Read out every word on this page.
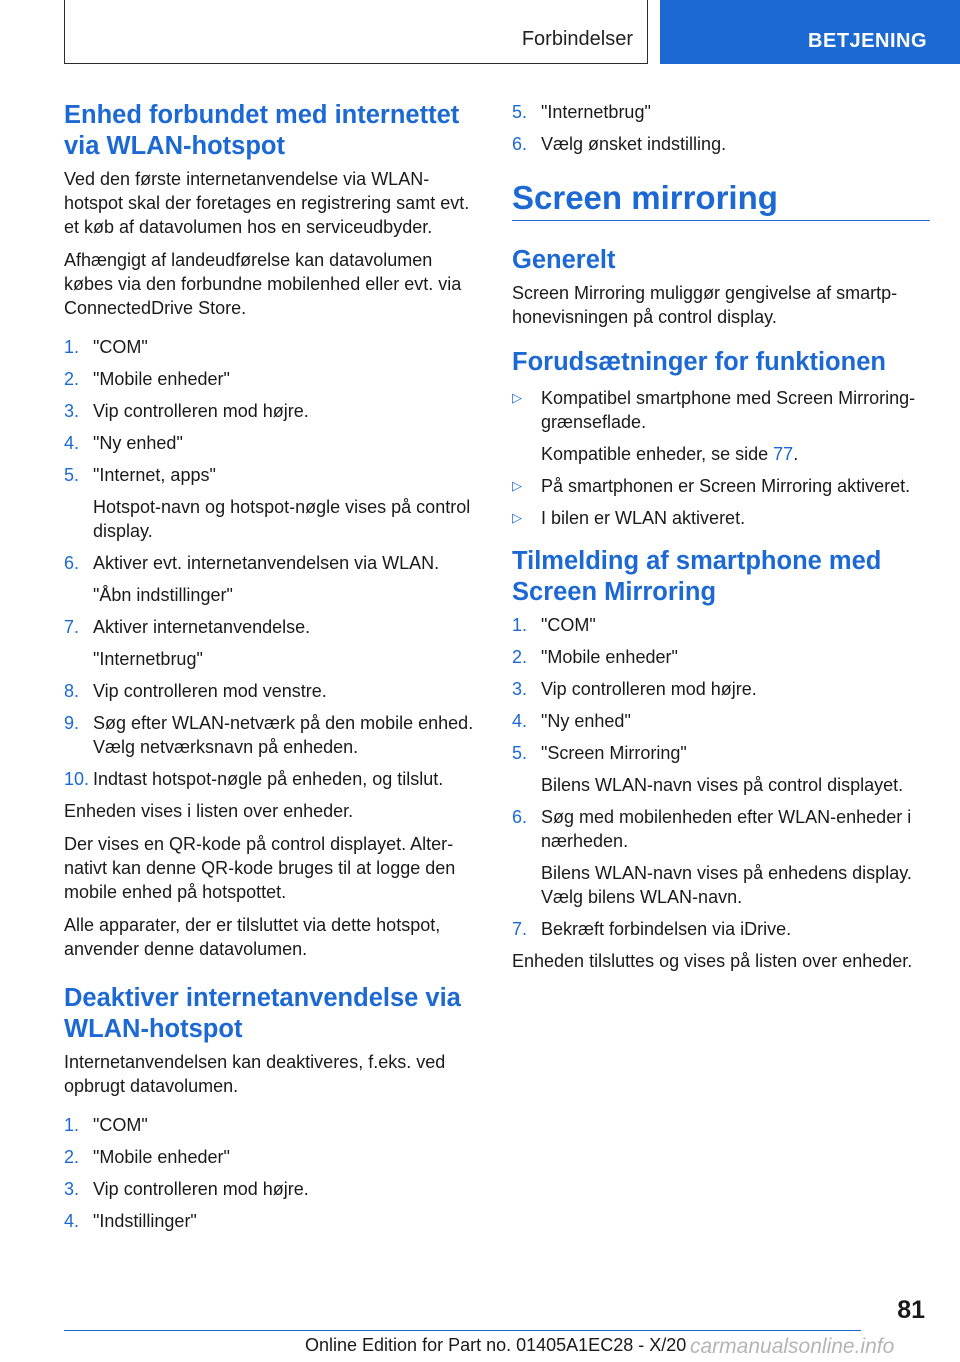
Forbindelser	BETJENING
Enhed forbundet med internettet via WLAN-hotspot

Ved den første internetanvendelse via WLAN-hotspot skal der foretages en registrering samt evt. et køb af datavolumen hos en serviceudbyder.

Afhængigt af landeudførelse kan datavolumen købes via den forbundne mobilenhed eller evt. via ConnectedDrive Store.

1. "COM"
2. "Mobile enheder"
3. Vip controlleren mod højre.
4. "Ny enhed"
5. "Internet, apps"
Hotspot-navn og hotspot-nøgle vises på control display.
6. Aktiver evt. internetanvendelsen via WLAN.
"Åbn indstillinger"
7. Aktiver internetanvendelse.
"Internetbrug"
8. Vip controlleren mod venstre.
9. Søg efter WLAN-netværk på den mobile enhed. Vælg netværksnavn på enheden.
10. Indtast hotspot-nøgle på enheden, og tilslut.

Enheden vises i listen over enheder.

Der vises en QR-kode på control displayet. Alternativt kan denne QR-kode bruges til at logge den mobile enhed på hotspottet.

Alle apparater, der er tilsluttet via dette hotspot, anvender denne datavolumen.

Deaktiver internetanvendelse via WLAN-hotspot

Internetanvendelsen kan deaktiveres, f.eks. ved opbrugt datavolumen.

1. "COM"
2. "Mobile enheder"
3. Vip controlleren mod højre.
4. "Indstillinger"
5. "Internetbrug"
6. Vælg ønsket indstilling.
Screen mirroring
Generelt

Screen Mirroring muliggør gengivelse af smartphonevisningen på control display.

Forudsætninger for funktionen
▷ Kompatibel smartphone med Screen Mirroring-grænseflade.
Kompatible enheder, se side 77.
▷ På smartphonen er Screen Mirroring aktiveret.
▷ I bilen er WLAN aktiveret.
Tilmelding af smartphone med Screen Mirroring
1. "COM"
2. "Mobile enheder"
3. Vip controlleren mod højre.
4. "Ny enhed"
5. "Screen Mirroring"
Bilens WLAN-navn vises på control displayet.
6. Søg med mobilenheden efter WLAN-enheder i nærheden.
Bilens WLAN-navn vises på enhedens display. Vælg bilens WLAN-navn.
7. Bekræft forbindelsen via iDrive.

Enheden tilsluttes og vises på listen over enheder.

81
Online Edition for Part no. 01405A1EC28 - X/20 carmanualsonline.info
